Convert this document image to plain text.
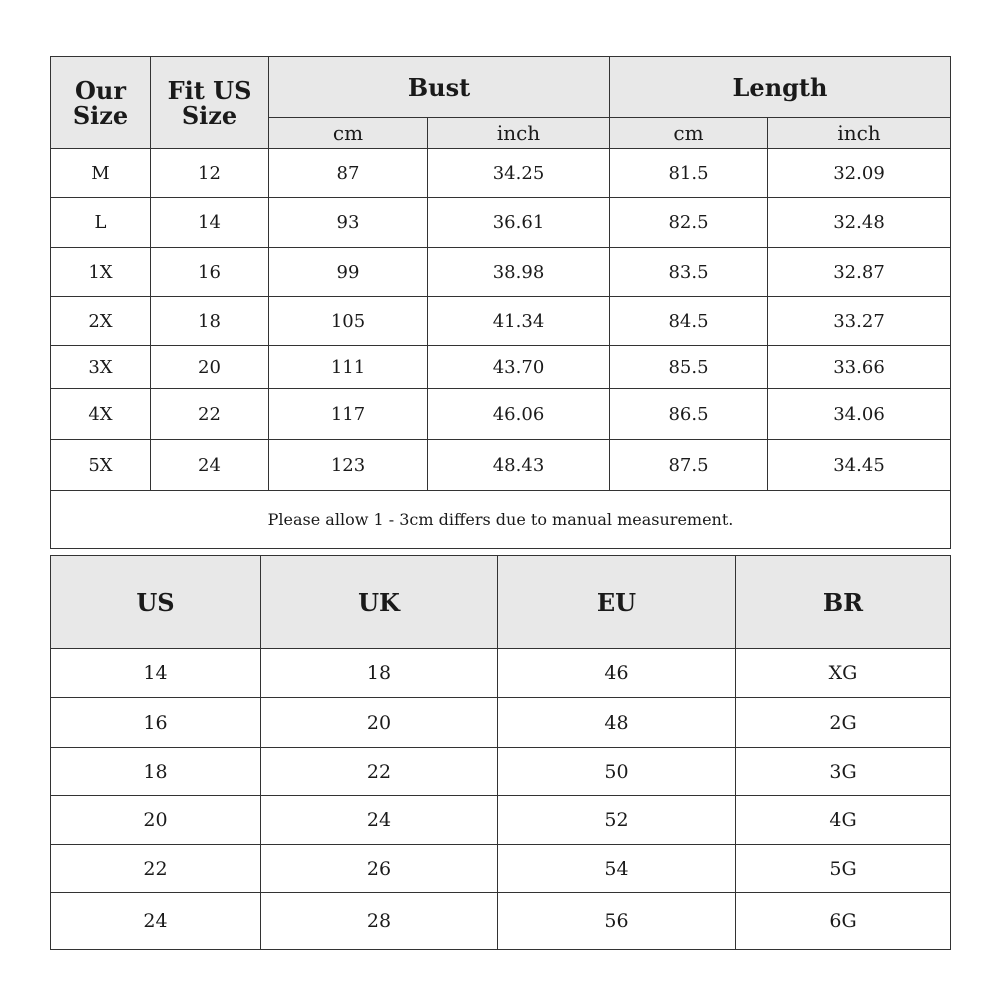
Our Size	Fit US Size	Bust		Length	
		cm	inch	cm	inch
M	12	87	34.25	81.5	32.09
L	14	93	36.61	82.5	32.48
1X	16	99	38.98	83.5	32.87
2X	18	105	41.34	84.5	33.27
3X	20	111	43.70	85.5	33.66
4X	22	117	46.06	86.5	34.06
5X	24	123	48.43	87.5	34.45
Please allow 1 - 3cm differs due to manual measurement.					
US	UK	EU	BR
14	18	46	XG
16	20	48	2G
18	22	50	3G
20	24	52	4G
22	26	54	5G
24	28	56	6G
